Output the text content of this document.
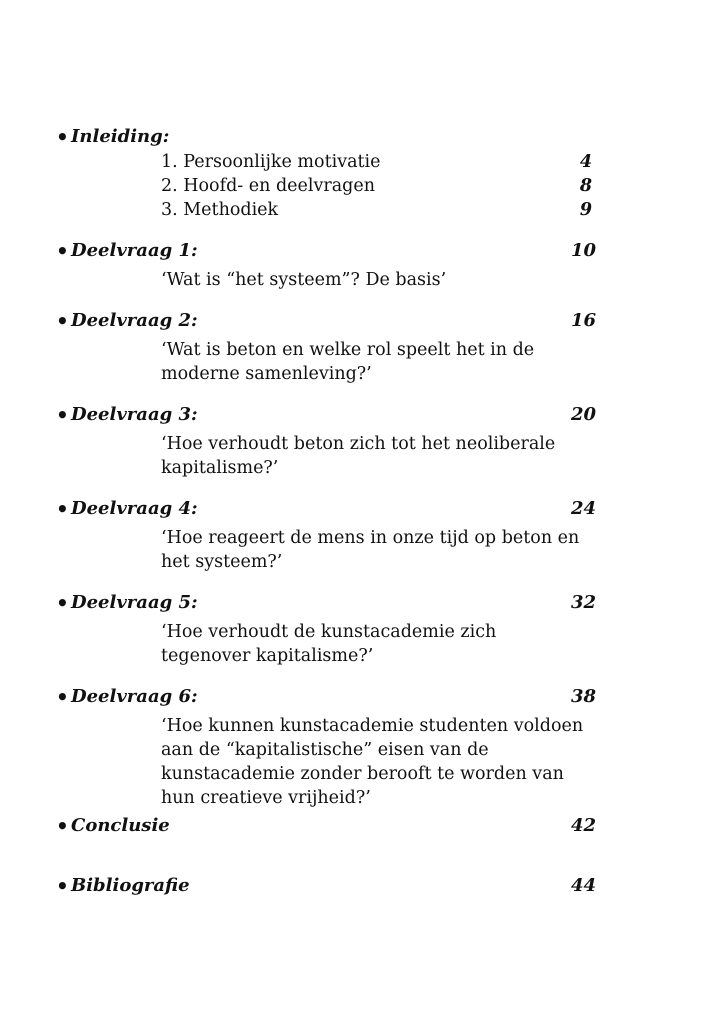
• Inleiding:
1. Persoonlijke motivatie	4
2. Hoofd- en deelvragen	8
3. Methodiek	9
• Deelvraag 1:	10
‘Wat is “het systeem”? De basis’
• Deelvraag 2:	16
‘Wat is beton en welke rol speelt het in de moderne samenleving?’
• Deelvraag 3:	20
‘Hoe verhoudt beton zich tot het neoliberale kapitalisme?’
• Deelvraag 4:	24
‘Hoe reageert de mens in onze tijd op beton en het systeem?’
• Deelvraag 5:	32
‘Hoe verhoudt de kunstacademie zich tegenover kapitalisme?’
• Deelvraag 6:	38
‘Hoe kunnen kunstacademie studenten voldoen aan de “kapitalistische” eisen van de kunstacademie zonder berooft te worden van hun creatieve vrijheid?’
• Conclusie	42
• Bibliografie	44
